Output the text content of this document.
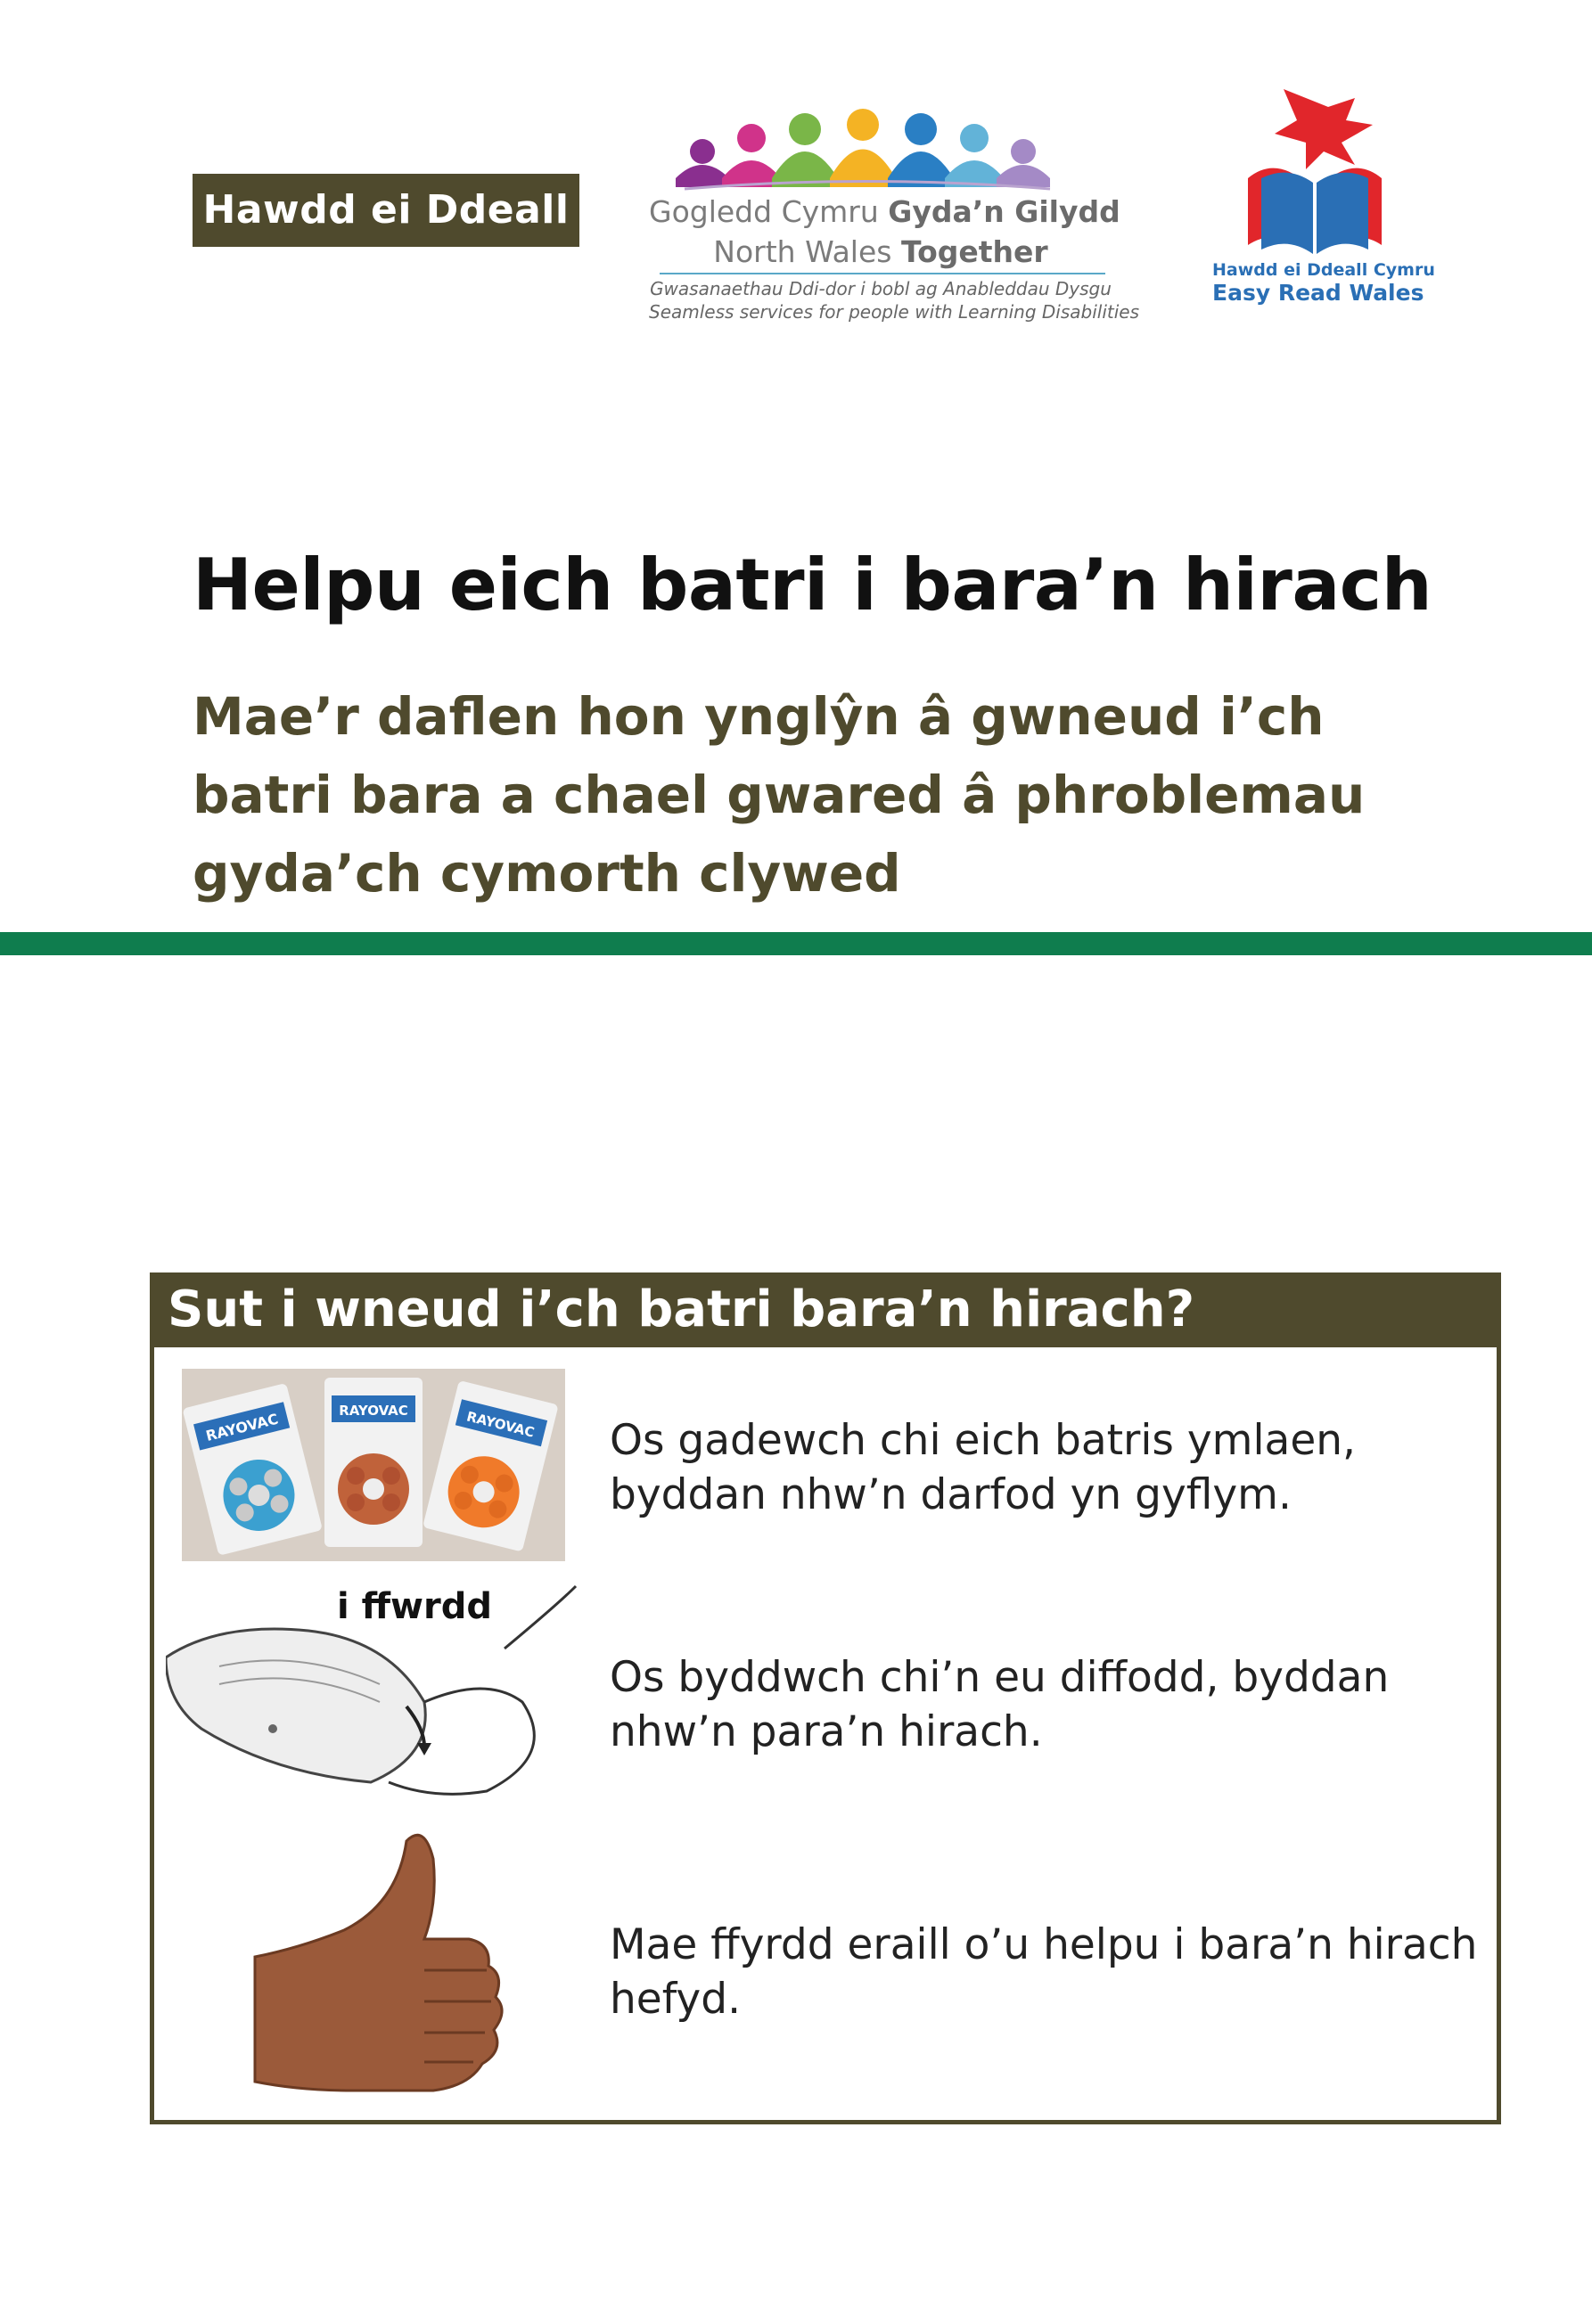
Hawdd ei Ddeall	Gogledd Cymru Gyda’n Gilydd
North Wales Together
Gwasanaethau Ddi-dor i bobl ag Anableddau Dysgu
Seamless services for people with Learning Disabilities
Hawdd ei Ddeall Cymru
Easy Read Wales
Helpu eich batri i bara’n hirach
Mae’r daflen hon ynglŷn â gwneud i’ch batri bara a chael gwared â phroblemau gyda’ch cymorth clywed
Sut i wneud i’ch batri bara’n hirach?
RAYOVAC	RAYOVAC	RAYOVAC Os gadewch chi eich batris ymlaen, byddan nhw’n darfod yn gyflym.
i ffwrdd
Os byddwch chi’n eu diffodd, byddan nhw’n para’n hirach.
Mae ffyrdd eraill o’u helpu i bara’n hirach hefyd.
